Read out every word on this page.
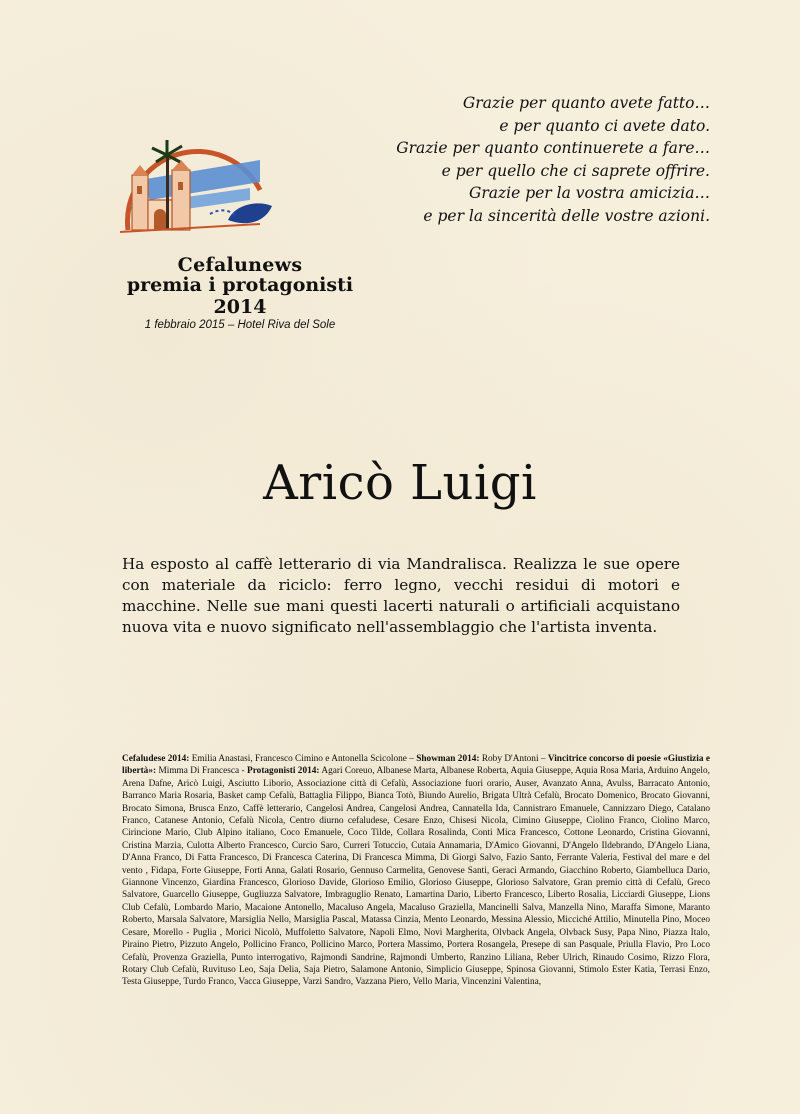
Cefalunews
premia i protagonisti 2014
1 febbraio 2015 – Hotel Riva del Sole
Grazie per quanto avete fatto…
e per quanto ci avete dato.
Grazie per quanto continuerete a fare…
e per quello che ci saprete offrire.
Grazie per la vostra amicizia…
e per la sincerità delle vostre azioni.
Aricò Luigi
Ha esposto al caffè letterario di via Mandralisca. Realizza le sue opere con materiale da riciclo: ferro legno, vecchi residui di motori e macchine. Nelle sue mani questi lacerti naturali o artificiali acquistano nuova vita e nuovo significato nell'assemblaggio che l'artista inventa.
Cefaludese 2014: Emilia Anastasi, Francesco Cimino e Antonella Scicolone – Showman 2014: Roby D'Antoni – Vincitrice concorso di poesie «Giustizia e libertà»: Mimma Di Francesca - Protagonisti 2014: Agari Coreuo, Albanese Marta, Albanese Roberta, Aquia Giuseppe, Aquia Rosa Maria, Arduino Angelo, Arena Dafne, Aricò Luigi, Asciutto Liborio, Associazione città di Cefalù, Associazione fuori orario, Auser, Avanzato Anna, Avulss, Barracato Antonio, Barranco Maria Rosaria, Basket camp Cefalù, Battaglia Filippo, Bianca Totò, Biundo Aurelio, Brigata Ultrà Cefalù, Brocato Domenico, Brocato Giovanni, Brocato Simona, Brusca Enzo, Caffè letterario, Cangelosi Andrea, Cangelosi Andrea, Cannatella Ida, Cannistraro Emanuele, Cannizzaro Diego, Catalano Franco, Catanese Antonio, Cefalù Nicola, Centro diurno cefaludese, Cesare Enzo, Chisesi Nicola, Cimino Giuseppe, Ciolino Franco, Ciolino Marco, Cirincione Mario, Club Alpino italiano, Coco Emanuele, Coco Tilde, Collara Rosalinda, Conti Mica Francesco, Cottone Leonardo, Cristina Giovanni, Cristina Marzia, Culotta Alberto Francesco, Curcio Saro, Curreri Totuccio, Cutaia Annamaria, D'Amico Giovanni, D'Angelo Ildebrando, D'Angelo Liana, D'Anna Franco, Di Fatta Francesco, Di Francesca Caterina, Di Francesca Mimma, Di Giorgi Salvo, Fazio Santo, Ferrante Valeria, Festival del mare e del vento , Fidapa, Forte Giuseppe, Forti Anna, Galati Rosario, Gennuso Carmelita, Genovese Santi, Geraci Armando, Giacchino Roberto, Giambelluca Dario, Giannone Vincenzo, Giardina Francesco, Glorioso Davide, Glorioso Emilio, Glorioso Giuseppe, Glorioso Salvatore, Gran premio città di Cefalù, Greco Salvatore, Guarcello Giuseppe, Gugliuzza Salvatore, Imbraguglio Renato, Lamartina Dario, Liberto Francesco, Liberto Rosalia, Licciardi Giuseppe, Lions Club Cefalù, Lombardo Mario, Macaione Antonello, Macaluso Angela, Macaluso Graziella, Mancinelli Salva, Manzella Nino, Maraffa Simone, Maranto Roberto, Marsala Salvatore, Marsiglia Nello, Marsiglia Pascal, Matassa Cinzia, Mento Leonardo, Messina Alessio, Micciché Attilio, Minutella Pino, Moceo Cesare, Morello - Puglia , Morici Nicolò, Muffoletto Salvatore, Napoli Elmo, Novi Margherita, Olvback Angela, Olvback Susy, Papa Nino, Piazza Italo, Piraino Pietro, Pizzuto Angelo, Pollicino Franco, Pollicino Marco, Portera Massimo, Portera Rosangela, Presepe di san Pasquale, Priulla Flavio, Pro Loco Cefalù, Provenza Graziella, Punto interrogativo, Rajmondi Sandrine, Rajmondi Umberto, Ranzino Liliana, Reber Ulrich, Rinaudo Cosimo, Rizzo Flora, Rotary Club Cefalù, Ruvituso Leo, Saja Delia, Saja Pietro, Salamone Antonio, Simplicio Giuseppe, Spinosa Giovanni, Stimolo Ester Katia, Terrasi Enzo, Testa Giuseppe, Turdo Franco, Vacca Giuseppe, Varzi Sandro, Vazzana Piero, Vello Maria, Vincenzini Valentina,
